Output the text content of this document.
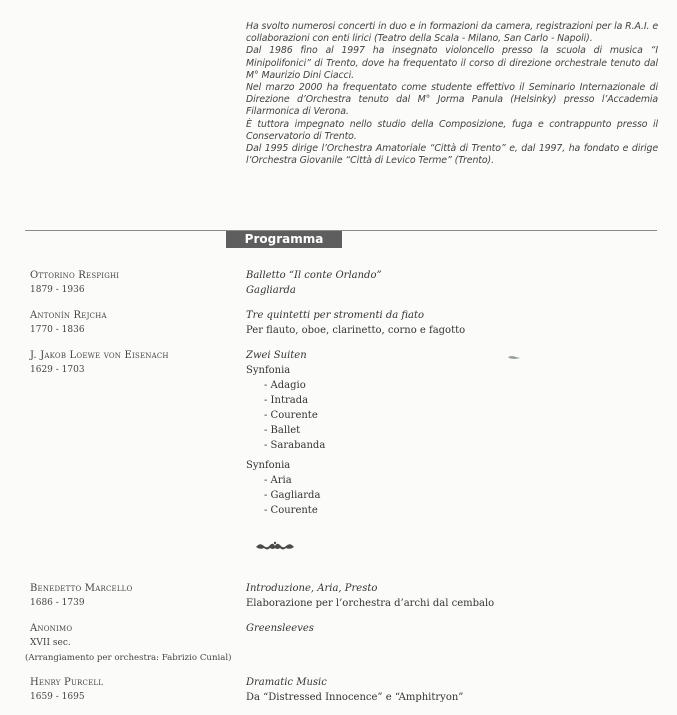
Ha svolto numerosi concerti in duo e in formazioni da camera, registrazioni per la R.A.I. e collaborazioni con enti lirici (Teatro della Scala - Milano, San Carlo - Napoli).

Dal 1986 fino al 1997 ha insegnato violoncello presso la scuola di musica “I Minipolifonici” di Trento, dove ha frequentato il corso di direzione orchestrale tenuto dal M° Maurizio Dini Ciacci.

Nel marzo 2000 ha frequentato come studente effettivo il Seminario Internazionale di Direzione d’Orchestra tenuto dal M° Jorma Panula (Helsinky) presso l’Accademia Filarmonica di Verona.

È tuttora impegnato nello studio della Composizione, fuga e contrappunto presso il Conservatorio di Trento.

Dal 1995 dirige l’Orchestra Amatoriale “Città di Trento” e, dal 1997, ha fondato e dirige l’Orchestra Giovanile “Città di Levico Terme” (Trento).

Programma
Ottorino Respighi
1879 - 1936
Balletto “Il conte Orlando”
Gagliarda
Antonín Rejcha
1770 - 1836
Tre quintetti per stromenti da fiato
Per flauto, oboe, clarinetto, corno e fagotto
J. Jakob Loewe von Eisenach
1629 - 1703
Zwei Suiten
Synfonia
- Adagio
- Intrada
- Courente
- Ballet
- Sarabanda
Synfonia
- Aria
- Gagliarda
- Courente
Benedetto Marcello
1686 - 1739
Introduzione, Aria, Presto
Elaborazione per l’orchestra d’archi dal cembalo
Anonimo
XVII sec.
(Arrangiamento per orchestra: Fabrizio Cunial)
Greensleeves
Henry Purcell
1659 - 1695
Dramatic Music
Da “Distressed Innocence” e “Amphitryon”
